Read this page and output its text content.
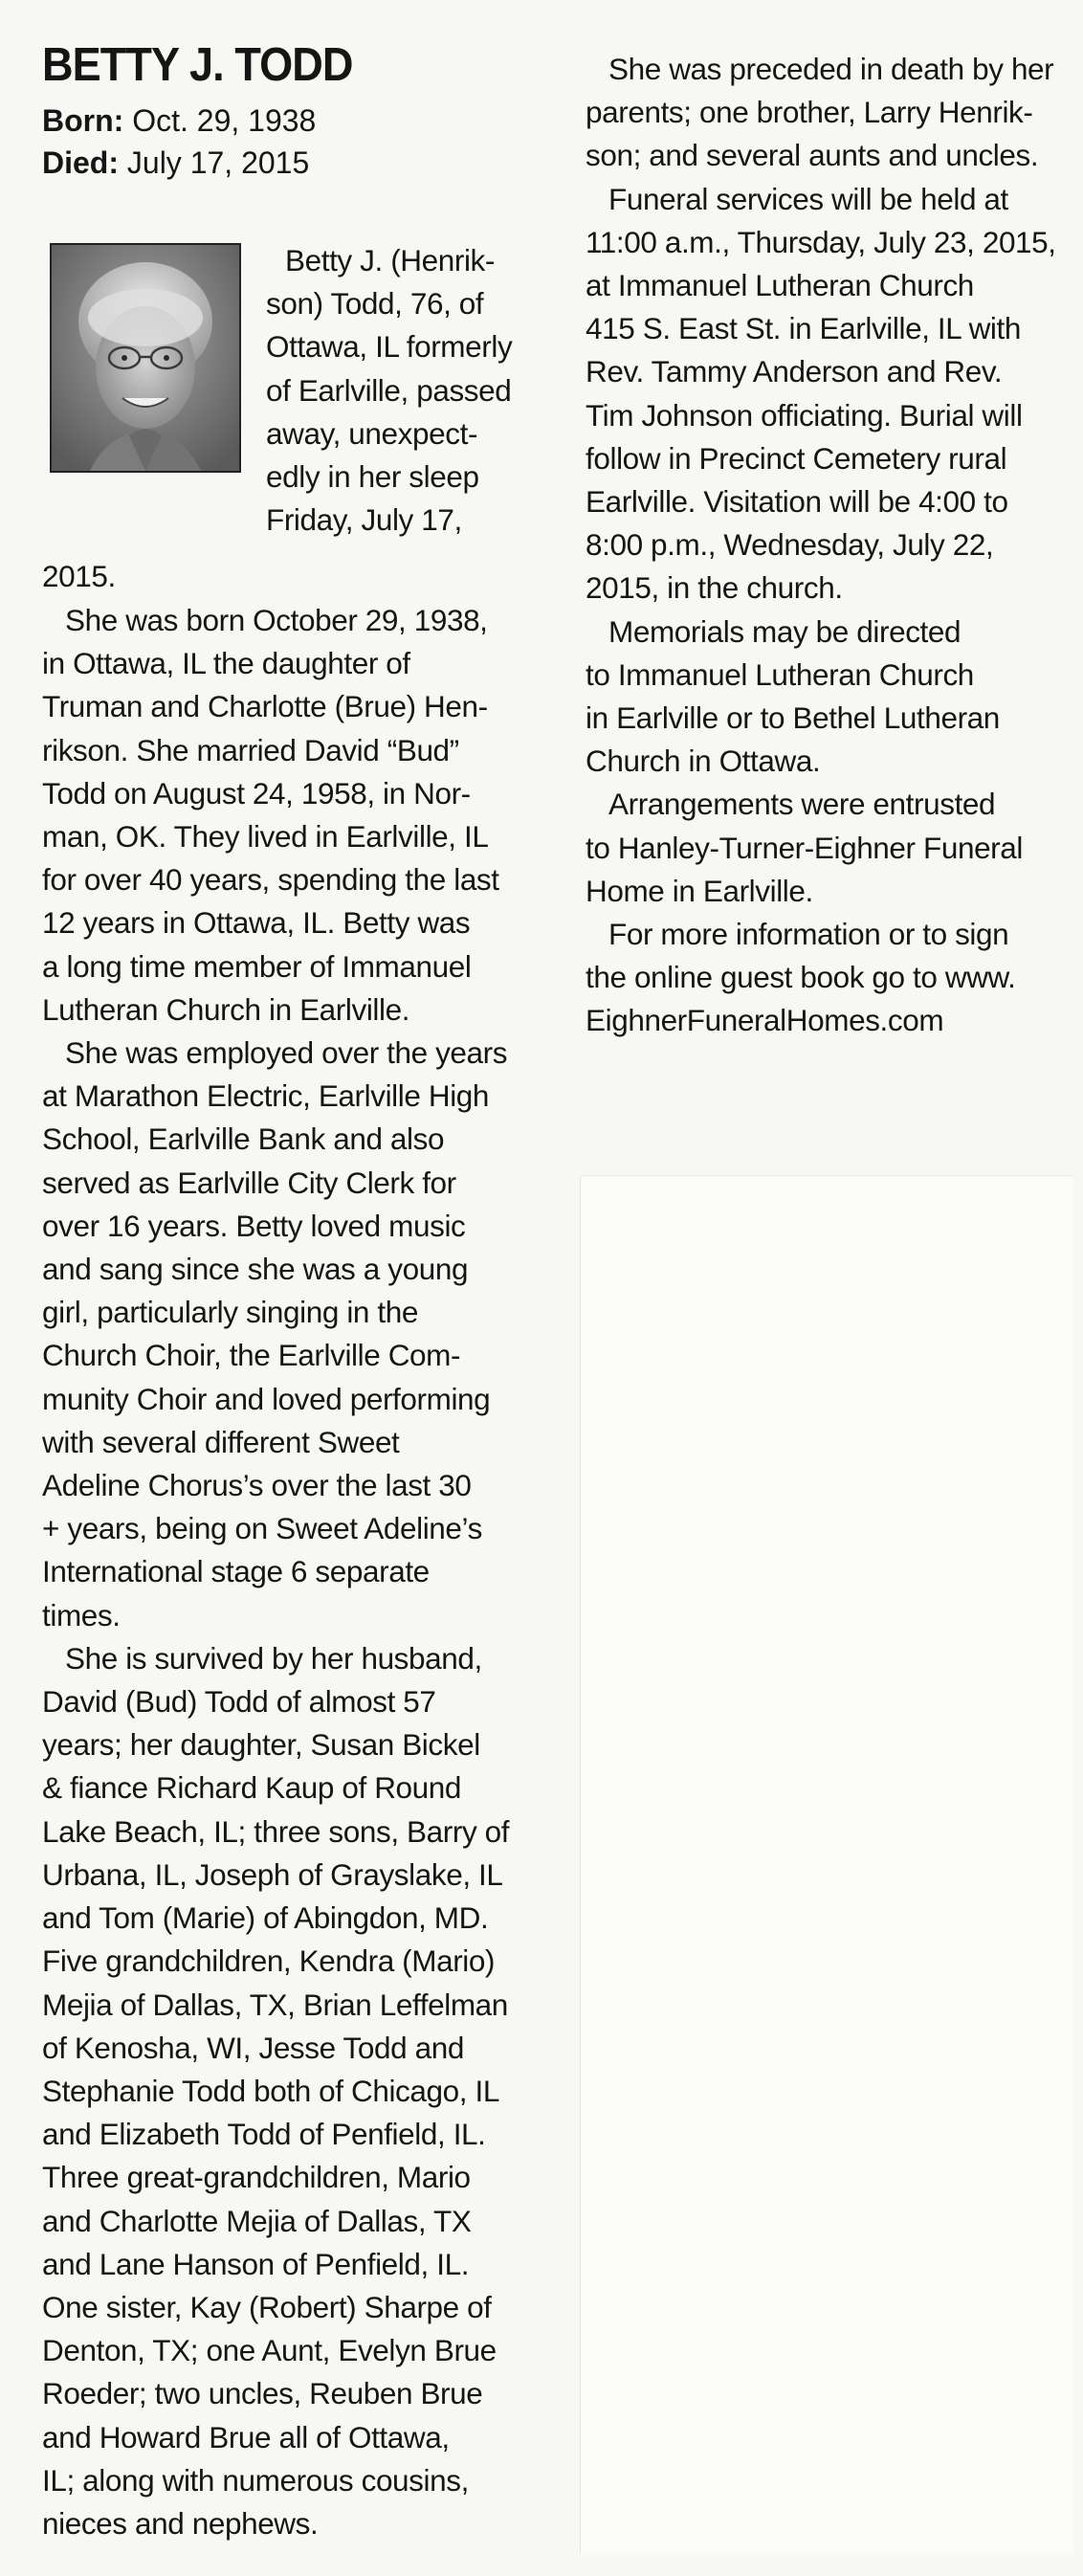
BETTY J. TODD
Born: Oct. 29, 1938
Died: July 17, 2015

Betty J. (Henrik-
son) Todd, 76, of
Ottawa, IL formerly
of Earlville, passed
away, unexpect-
edly in her sleep
Friday, July 17,

2015.

She was born October 29, 1938,
in Ottawa, IL the daughter of
Truman and Charlotte (Brue) Hen-
rikson. She married David “Bud”
Todd on August 24, 1958, in Nor-
man, OK. They lived in Earlville, IL
for over 40 years, spending the last
12 years in Ottawa, IL. Betty was
a long time member of Immanuel
Lutheran Church in Earlville.

She was employed over the years
at Marathon Electric, Earlville High
School, Earlville Bank and also
served as Earlville City Clerk for
over 16 years. Betty loved music
and sang since she was a young
girl, particularly singing in the
Church Choir, the Earlville Com-
munity Choir and loved performing
with several different Sweet
Adeline Chorus’s over the last 30
+ years, being on Sweet Adeline’s
International stage 6 separate
times.

She is survived by her husband,
David (Bud) Todd of almost 57
years; her daughter, Susan Bickel
& fiance Richard Kaup of Round
Lake Beach, IL; three sons, Barry of
Urbana, IL, Joseph of Grayslake, IL
and Tom (Marie) of Abingdon, MD.
Five grandchildren, Kendra (Mario)
Mejia of Dallas, TX, Brian Leffelman
of Kenosha, WI, Jesse Todd and
Stephanie Todd both of Chicago, IL
and Elizabeth Todd of Penfield, IL.
Three great-grandchildren, Mario
and Charlotte Mejia of Dallas, TX
and Lane Hanson of Penfield, IL.
One sister, Kay (Robert) Sharpe of
Denton, TX; one Aunt, Evelyn Brue
Roeder; two uncles, Reuben Brue
and Howard Brue all of Ottawa,
IL; along with numerous cousins,
nieces and nephews.

She was preceded in death by her
parents; one brother, Larry Henrik-
son; and several aunts and uncles.

Funeral services will be held at
11:00 a.m., Thursday, July 23, 2015,
at Immanuel Lutheran Church
415 S. East St. in Earlville, IL with
Rev. Tammy Anderson and Rev.
Tim Johnson officiating. Burial will
follow in Precinct Cemetery rural
Earlville. Visitation will be 4:00 to
8:00 p.m., Wednesday, July 22,
2015, in the church.

Memorials may be directed
to Immanuel Lutheran Church
in Earlville or to Bethel Lutheran
Church in Ottawa.

Arrangements were entrusted
to Hanley-Turner-Eighner Funeral
Home in Earlville.

For more information or to sign
the online guest book go to www.
EighnerFuneralHomes.com
